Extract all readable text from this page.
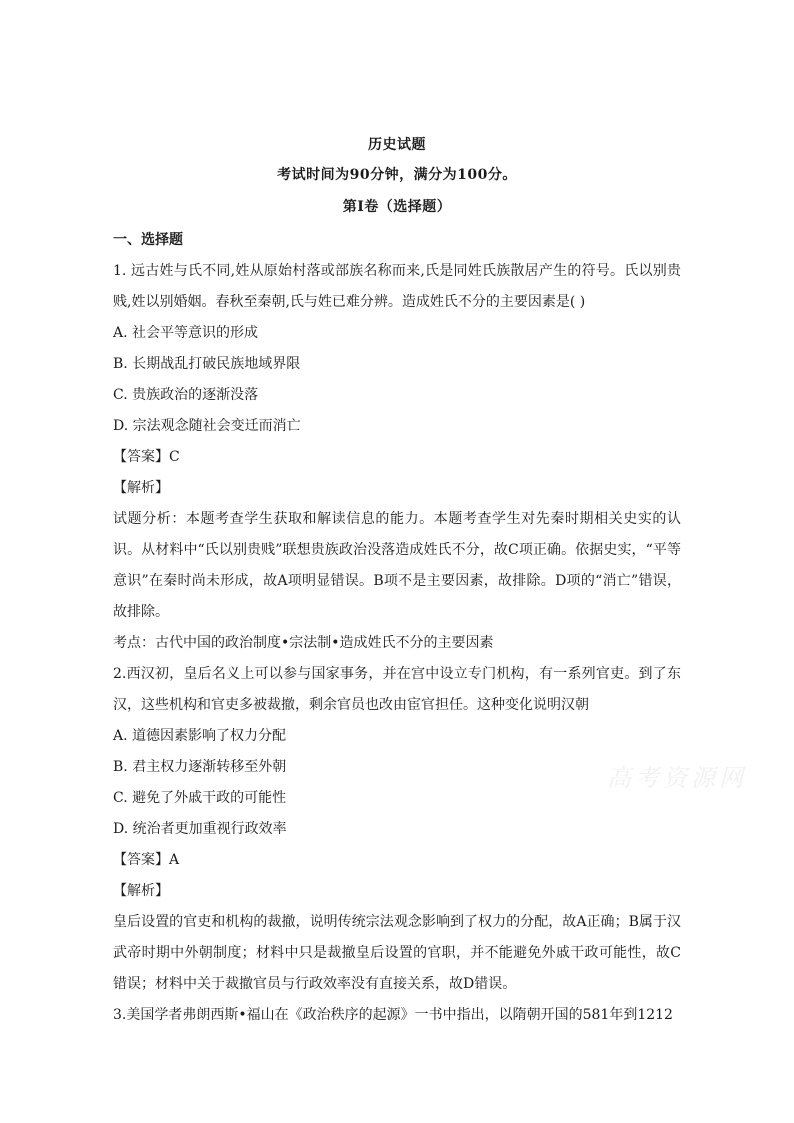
历史试题
考试时间为90分钟，满分为100分。
第I卷（选择题）

一、选择题

1. 远古姓与氏不同,姓从原始村落或部族名称而来,氏是同姓氏族散居产生的符号。氏以别贵贱,姓以别婚姻。春秋至秦朝,氏与姓已难分辨。造成姓氏不分的主要因素是( )

A. 社会平等意识的形成

B. 长期战乱打破民族地域界限

C. 贵族政治的逐渐没落

D. 宗法观念随社会变迁而消亡

【答案】C

【解析】

试题分析：本题考查学生获取和解读信息的能力。本题考查学生对先秦时期相关史实的认识。从材料中“氏以别贵贱”联想贵族政治没落造成姓氏不分，故C项正确。依据史实，“平等意识”在秦时尚未形成，故A项明显错误。B项不是主要因素，故排除。D项的“消亡”错误，故排除。

考点：古代中国的政治制度•宗法制•造成姓氏不分的主要因素

2.西汉初，皇后名义上可以参与国家事务，并在宫中设立专门机构，有一系列官吏。到了东汉，这些机构和官吏多被裁撤，剩余官员也改由宦官担任。这种变化说明汉朝

A. 道德因素影响了权力分配

B. 君主权力逐渐转移至外朝

C. 避免了外戚干政的可能性

D. 统治者更加重视行政效率

【答案】A

【解析】

皇后设置的官吏和机构的裁撤，说明传统宗法观念影响到了权力的分配，故A正确；B属于汉武帝时期中外朝制度；材料中只是裁撤皇后设置的官职，并不能避免外戚干政可能性，故C错误；材料中关于裁撤官员与行政效率没有直接关系，故D错误。

3.美国学者弗朗西斯•福山在《政治秩序的起源》一书中指出，以隋朝开国的581年到1212

高考资源网
